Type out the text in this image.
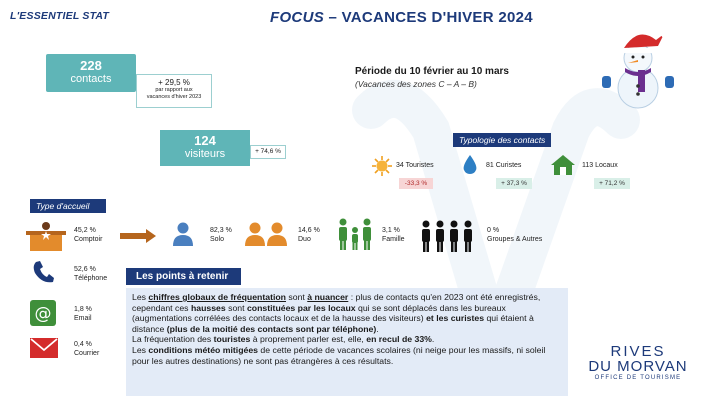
L'ESSENTIEL STAT	FOCUS – VACANCES D'HIVER 2024
228
contacts	+ 29,5 %
par rapport aux
vacances d'hiver 2023
Période du 10 février au 10 mars
(Vacances des zones C – A – B)
124
visiteurs	+ 74,6 %
Typologie des contacts
34 Touristes
-33,3 %
81 Curistes
+ 37,3 %
113 Locaux
+ 71,2 %
Type d'accueil
45,2 %
Comptoir
52,6 %
Téléphone
@	1,8 %
Email
0,4 %
Courrier
82,3 %
Solo
14,6 %
Duo
3,1 %
Famille
0 %
Groupes & Autres
Les points à retenir
Les chiffres globaux de fréquentation sont à nuancer : plus de contacts qu'en 2023 ont été enregistrés, cependant ces hausses sont constituées par les locaux qui se sont déplacés dans les bureaux (augmentations corrélées des contacts locaux et de la hausse des visiteurs) et les curistes qui étaient à distance (plus de la moitié des contacts sont par téléphone).
La fréquentation des touristes à proprement parler est, elle, en recul de 33%.
Les conditions météo mitigées de cette période de vacances scolaires (ni neige pour les massifs, ni soleil pour les autres destinations) ne sont pas étrangères à ces résultats.
RIVES
DU MORVAN
OFFICE DE TOURISME
